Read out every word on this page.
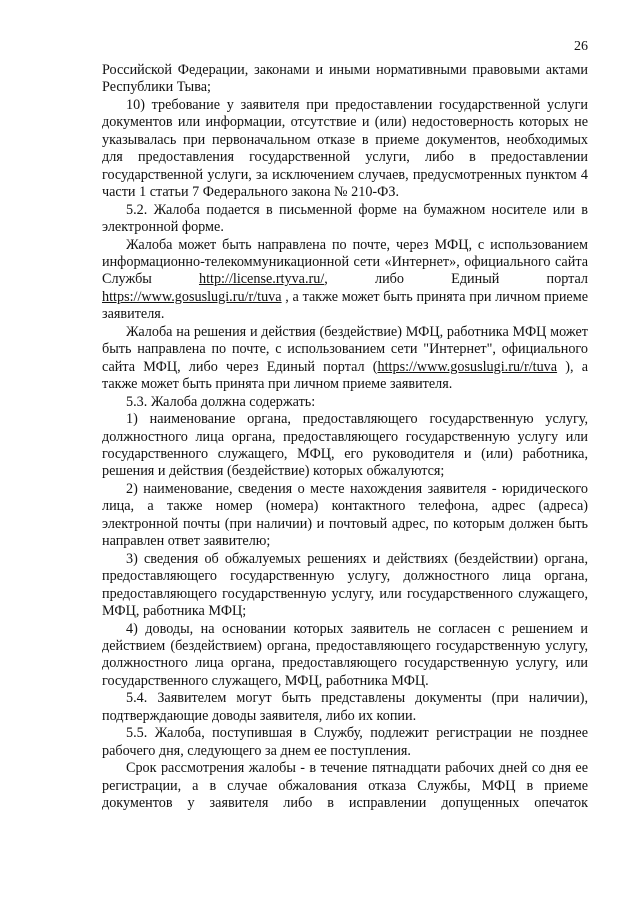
26

Российской Федерации, законами и иными нормативными правовыми актами Республики Тыва;

10) требование у заявителя при предоставлении государственной услуги документов или информации, отсутствие и (или) недостоверность которых не указывалась при первоначальном отказе в приеме документов, необходимых для предоставления государственной услуги, либо в предоставлении государственной услуги, за исключением случаев, предусмотренных пунктом 4 части 1 статьи 7 Федерального закона № 210-ФЗ.

5.2. Жалоба подается в письменной форме на бумажном носителе или в электронной форме.

Жалоба может быть направлена по почте, через МФЦ, с использованием информационно-телекоммуникационной сети «Интернет», официального сайта Службы http://license.rtyva.ru/, либо Единый портал https://www.gosuslugi.ru/r/tuva , а также может быть принята при личном приеме заявителя.

Жалоба на решения и действия (бездействие) МФЦ, работника МФЦ может быть направлена по почте, с использованием сети "Интернет", официального сайта МФЦ, либо через Единый портал (https://www.gosuslugi.ru/r/tuva ), а также может быть принята при личном приеме заявителя.

5.3. Жалоба должна содержать:

1) наименование органа, предоставляющего государственную услугу, должностного лица органа, предоставляющего государственную услугу или государственного служащего, МФЦ, его руководителя и (или) работника, решения и действия (бездействие) которых обжалуются;

2) наименование, сведения о месте нахождения заявителя - юридического лица, а также номер (номера) контактного телефона, адрес (адреса) электронной почты (при наличии) и почтовый адрес, по которым должен быть направлен ответ заявителю;

3) сведения об обжалуемых решениях и действиях (бездействии) органа, предоставляющего государственную услугу, должностного лица органа, предоставляющего государственную услугу, или государственного служащего, МФЦ, работника МФЦ;

4) доводы, на основании которых заявитель не согласен с решением и действием (бездействием) органа, предоставляющего государственную услугу, должностного лица органа, предоставляющего государственную услугу, или государственного служащего, МФЦ, работника МФЦ.

5.4. Заявителем могут быть представлены документы (при наличии), подтверждающие доводы заявителя, либо их копии.

5.5. Жалоба, поступившая в Службу, подлежит регистрации не позднее рабочего дня, следующего за днем ее поступления.

Срок рассмотрения жалобы - в течение пятнадцати рабочих дней со дня ее регистрации, а в случае обжалования отказа Службы, МФЦ в приеме документов у заявителя либо в исправлении допущенных опечаток
